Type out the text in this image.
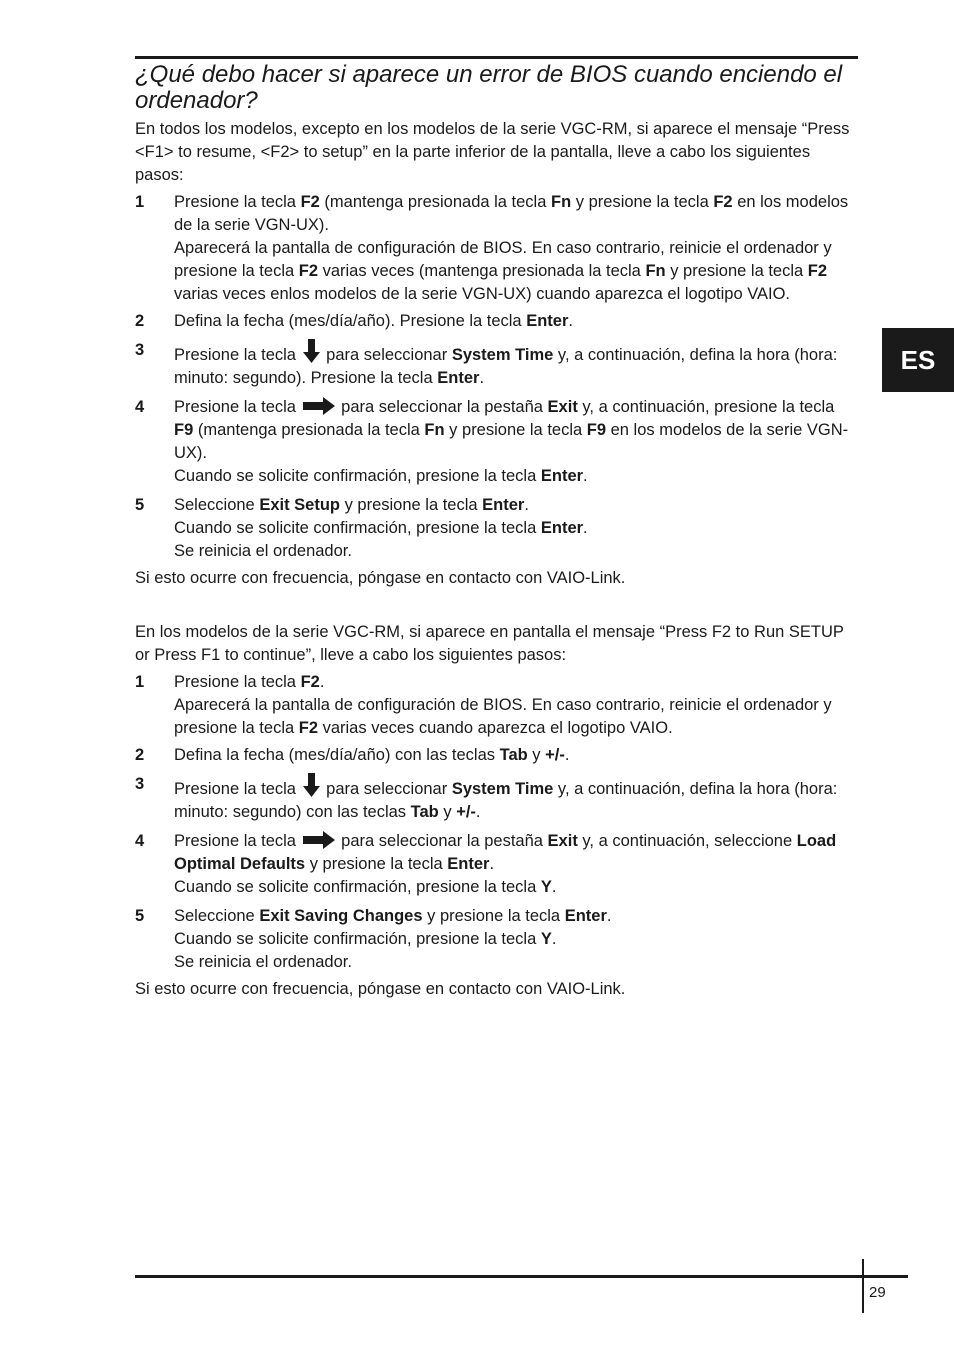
¿Qué debo hacer si aparece un error de BIOS cuando enciendo el ordenador?
ES

En todos los modelos, excepto en los modelos de la serie VGC-RM, si aparece el mensaje “Press <F1> to resume, <F2> to setup” en la parte inferior de la pantalla, lleve a cabo los siguientes pasos:

1 Presione la tecla F2 (mantenga presionada la tecla Fn y presione la tecla F2 en los modelos de la serie VGN-UX).
Aparecerá la pantalla de configuración de BIOS. En caso contrario, reinicie el ordenador y presione la tecla F2 varias veces (mantenga presionada la tecla Fn y presione la tecla F2 varias veces enlos modelos de la serie VGN-UX) cuando aparezca el logotipo VAIO.
2 Defina la fecha (mes/día/año). Presione la tecla Enter.
3 Presione la tecla  para seleccionar System Time y, a continuación, defina la hora (hora: minuto: segundo). Presione la tecla Enter.
4 Presione la tecla  para seleccionar la pestaña Exit y, a continuación, presione la tecla F9 (mantenga presionada la tecla Fn y presione la tecla F9 en los modelos de la serie VGN-UX).
Cuando se solicite confirmación, presione la tecla Enter.
5 Seleccione Exit Setup y presione la tecla Enter.
Cuando se solicite confirmación, presione la tecla Enter.
Se reinicia el ordenador.

Si esto ocurre con frecuencia, póngase en contacto con VAIO-Link.

En los modelos de la serie VGC-RM, si aparece en pantalla el mensaje “Press F2 to Run SETUP or Press F1 to continue”, lleve a cabo los siguientes pasos:

1 Presione la tecla F2.
Aparecerá la pantalla de configuración de BIOS. En caso contrario, reinicie el ordenador y presione la tecla F2 varias veces cuando aparezca el logotipo VAIO.
2 Defina la fecha (mes/día/año) con las teclas Tab y +/-.
3 Presione la tecla  para seleccionar System Time y, a continuación, defina la hora (hora: minuto: segundo) con las teclas Tab y +/-.
4 Presione la tecla  para seleccionar la pestaña Exit y, a continuación, seleccione Load Optimal Defaults y presione la tecla Enter.
Cuando se solicite confirmación, presione la tecla Y.
5 Seleccione Exit Saving Changes y presione la tecla Enter.
Cuando se solicite confirmación, presione la tecla Y.
Se reinicia el ordenador.

Si esto ocurre con frecuencia, póngase en contacto con VAIO-Link.

29
